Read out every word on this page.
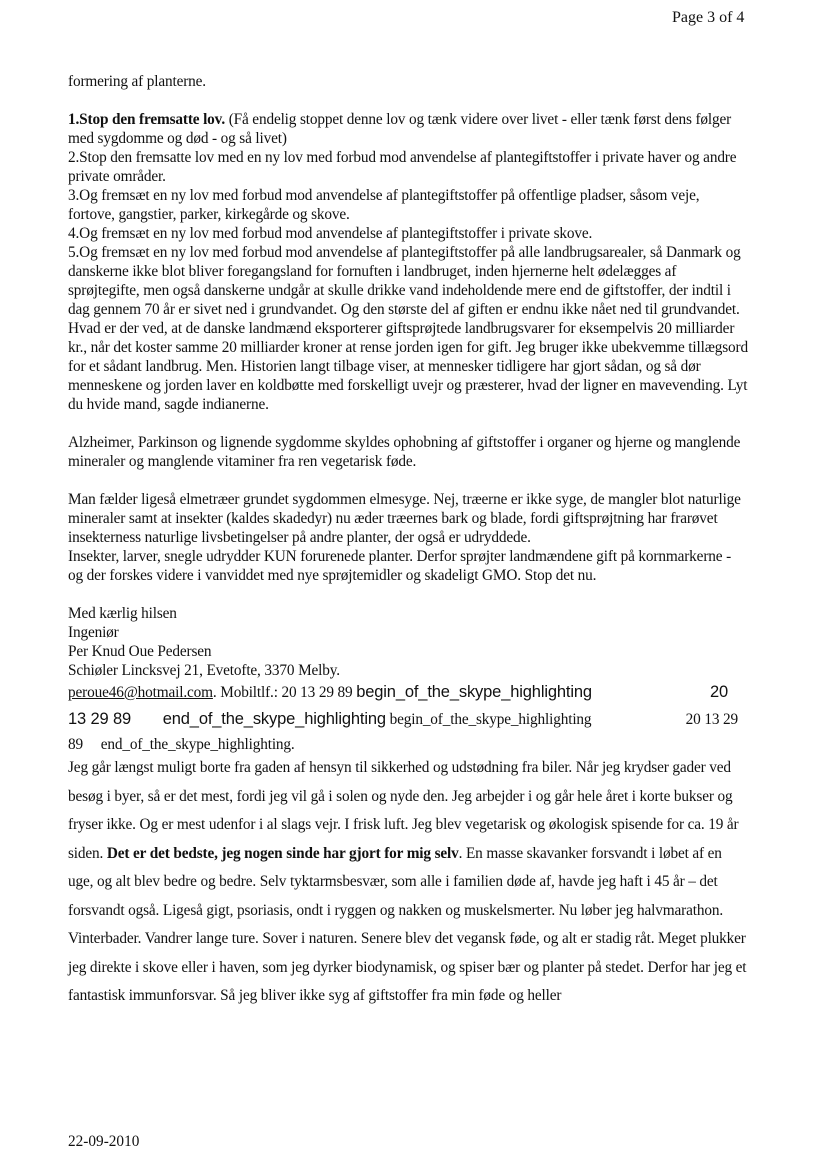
Page 3 of 4

formering af planterne.

1.Stop den fremsatte lov. (Få endelig stoppet denne lov og tænk videre over livet - eller tænk først dens følger med sygdomme og død - og så livet)

2.Stop den fremsatte lov med en ny lov med forbud mod anvendelse af plantegiftstoffer i private haver og andre private områder.

3.Og fremsæt en ny lov med forbud mod anvendelse af plantegiftstoffer på offentlige pladser, såsom veje, fortove, gangstier, parker, kirkegårde og skove.

4.Og fremsæt en ny lov med forbud mod anvendelse af plantegiftstoffer i private skove.

5.Og fremsæt en ny lov med forbud mod anvendelse af plantegiftstoffer på alle landbrugsarealer, så Danmark og danskerne ikke blot bliver foregangsland for fornuften i landbruget, inden hjernerne helt ødelægges af sprøjtegifte, men også danskerne undgår at skulle drikke vand indeholdende mere end de giftstoffer, der indtil i dag gennem 70 år er sivet ned i grundvandet. Og den største del af giften er endnu ikke nået ned til grundvandet. Hvad er der ved, at de danske landmænd eksporterer giftsprøjtede landbrugsvarer for eksempelvis 20 milliarder kr., når det koster samme 20 milliarder kroner at rense jorden igen for gift. Jeg bruger ikke ubekvemme tillægsord for et sådant landbrug. Men. Historien langt tilbage viser, at mennesker tidligere har gjort sådan, og så dør menneskene og jorden laver en koldbøtte med forskelligt uvejr og præsterer, hvad der ligner en mavevending. Lyt du hvide mand, sagde indianerne.

Alzheimer, Parkinson og lignende sygdomme skyldes ophobning af giftstoffer i organer og hjerne og manglende mineraler og manglende vitaminer fra ren vegetarisk føde.

Man fælder ligeså elmetræer grundet sygdommen elmesyge. Nej, træerne er ikke syge, de mangler blot naturlige mineraler samt at insekter (kaldes skadedyr) nu æder træernes bark og blade, fordi giftsprøjtning har frarøvet insekterness naturlige livsbetingelser på andre planter, der også er udryddede.

Insekter, larver, snegle udrydder KUN forurenede planter. Derfor sprøjter landmændene gift på kornmarkerne - og der forskes videre i vanviddet med nye sprøjtemidler og skadeligt GMO. Stop det nu.

Med kærlig hilsen

Ingeniør

Per Knud Oue Pedersen

Schiøler Lincksvej 21, Evetofte, 3370 Melby.

peroue46@hotmail.com. Mobiltlf.: 20 13 29 89 begin_of_the_skype_highlighting	20
13 29 89 end_of_the_skype_highlighting begin_of_the_skype_highlighting	20 13 29
89 end_of_the_skype_highlighting.

Jeg går længst muligt borte fra gaden af hensyn til sikkerhed og udstødning fra biler. Når jeg krydser gader ved besøg i byer, så er det mest, fordi jeg vil gå i solen og nyde den. Jeg arbejder i og går hele året i korte bukser og fryser ikke. Og er mest udenfor i al slags vejr. I frisk luft. Jeg blev vegetarisk og økologisk spisende for ca. 19 år siden. Det er det bedste, jeg nogen sinde har gjort for mig selv. En masse skavanker forsvandt i løbet af en uge, og alt blev bedre og bedre. Selv tyktarmsbesvær, som alle i familien døde af, havde jeg haft i 45 år – det forsvandt også. Ligeså gigt, psoriasis, ondt i ryggen og nakken og muskelsmerter. Nu løber jeg halvmarathon. Vinterbader. Vandrer lange ture. Sover i naturen. Senere blev det vegansk føde, og alt er stadig råt. Meget plukker jeg direkte i skove eller i haven, som jeg dyrker biodynamisk, og spiser bær og planter på stedet. Derfor har jeg et fantastisk immunforsvar. Så jeg bliver ikke syg af giftstoffer fra min føde og heller

22-09-2010
